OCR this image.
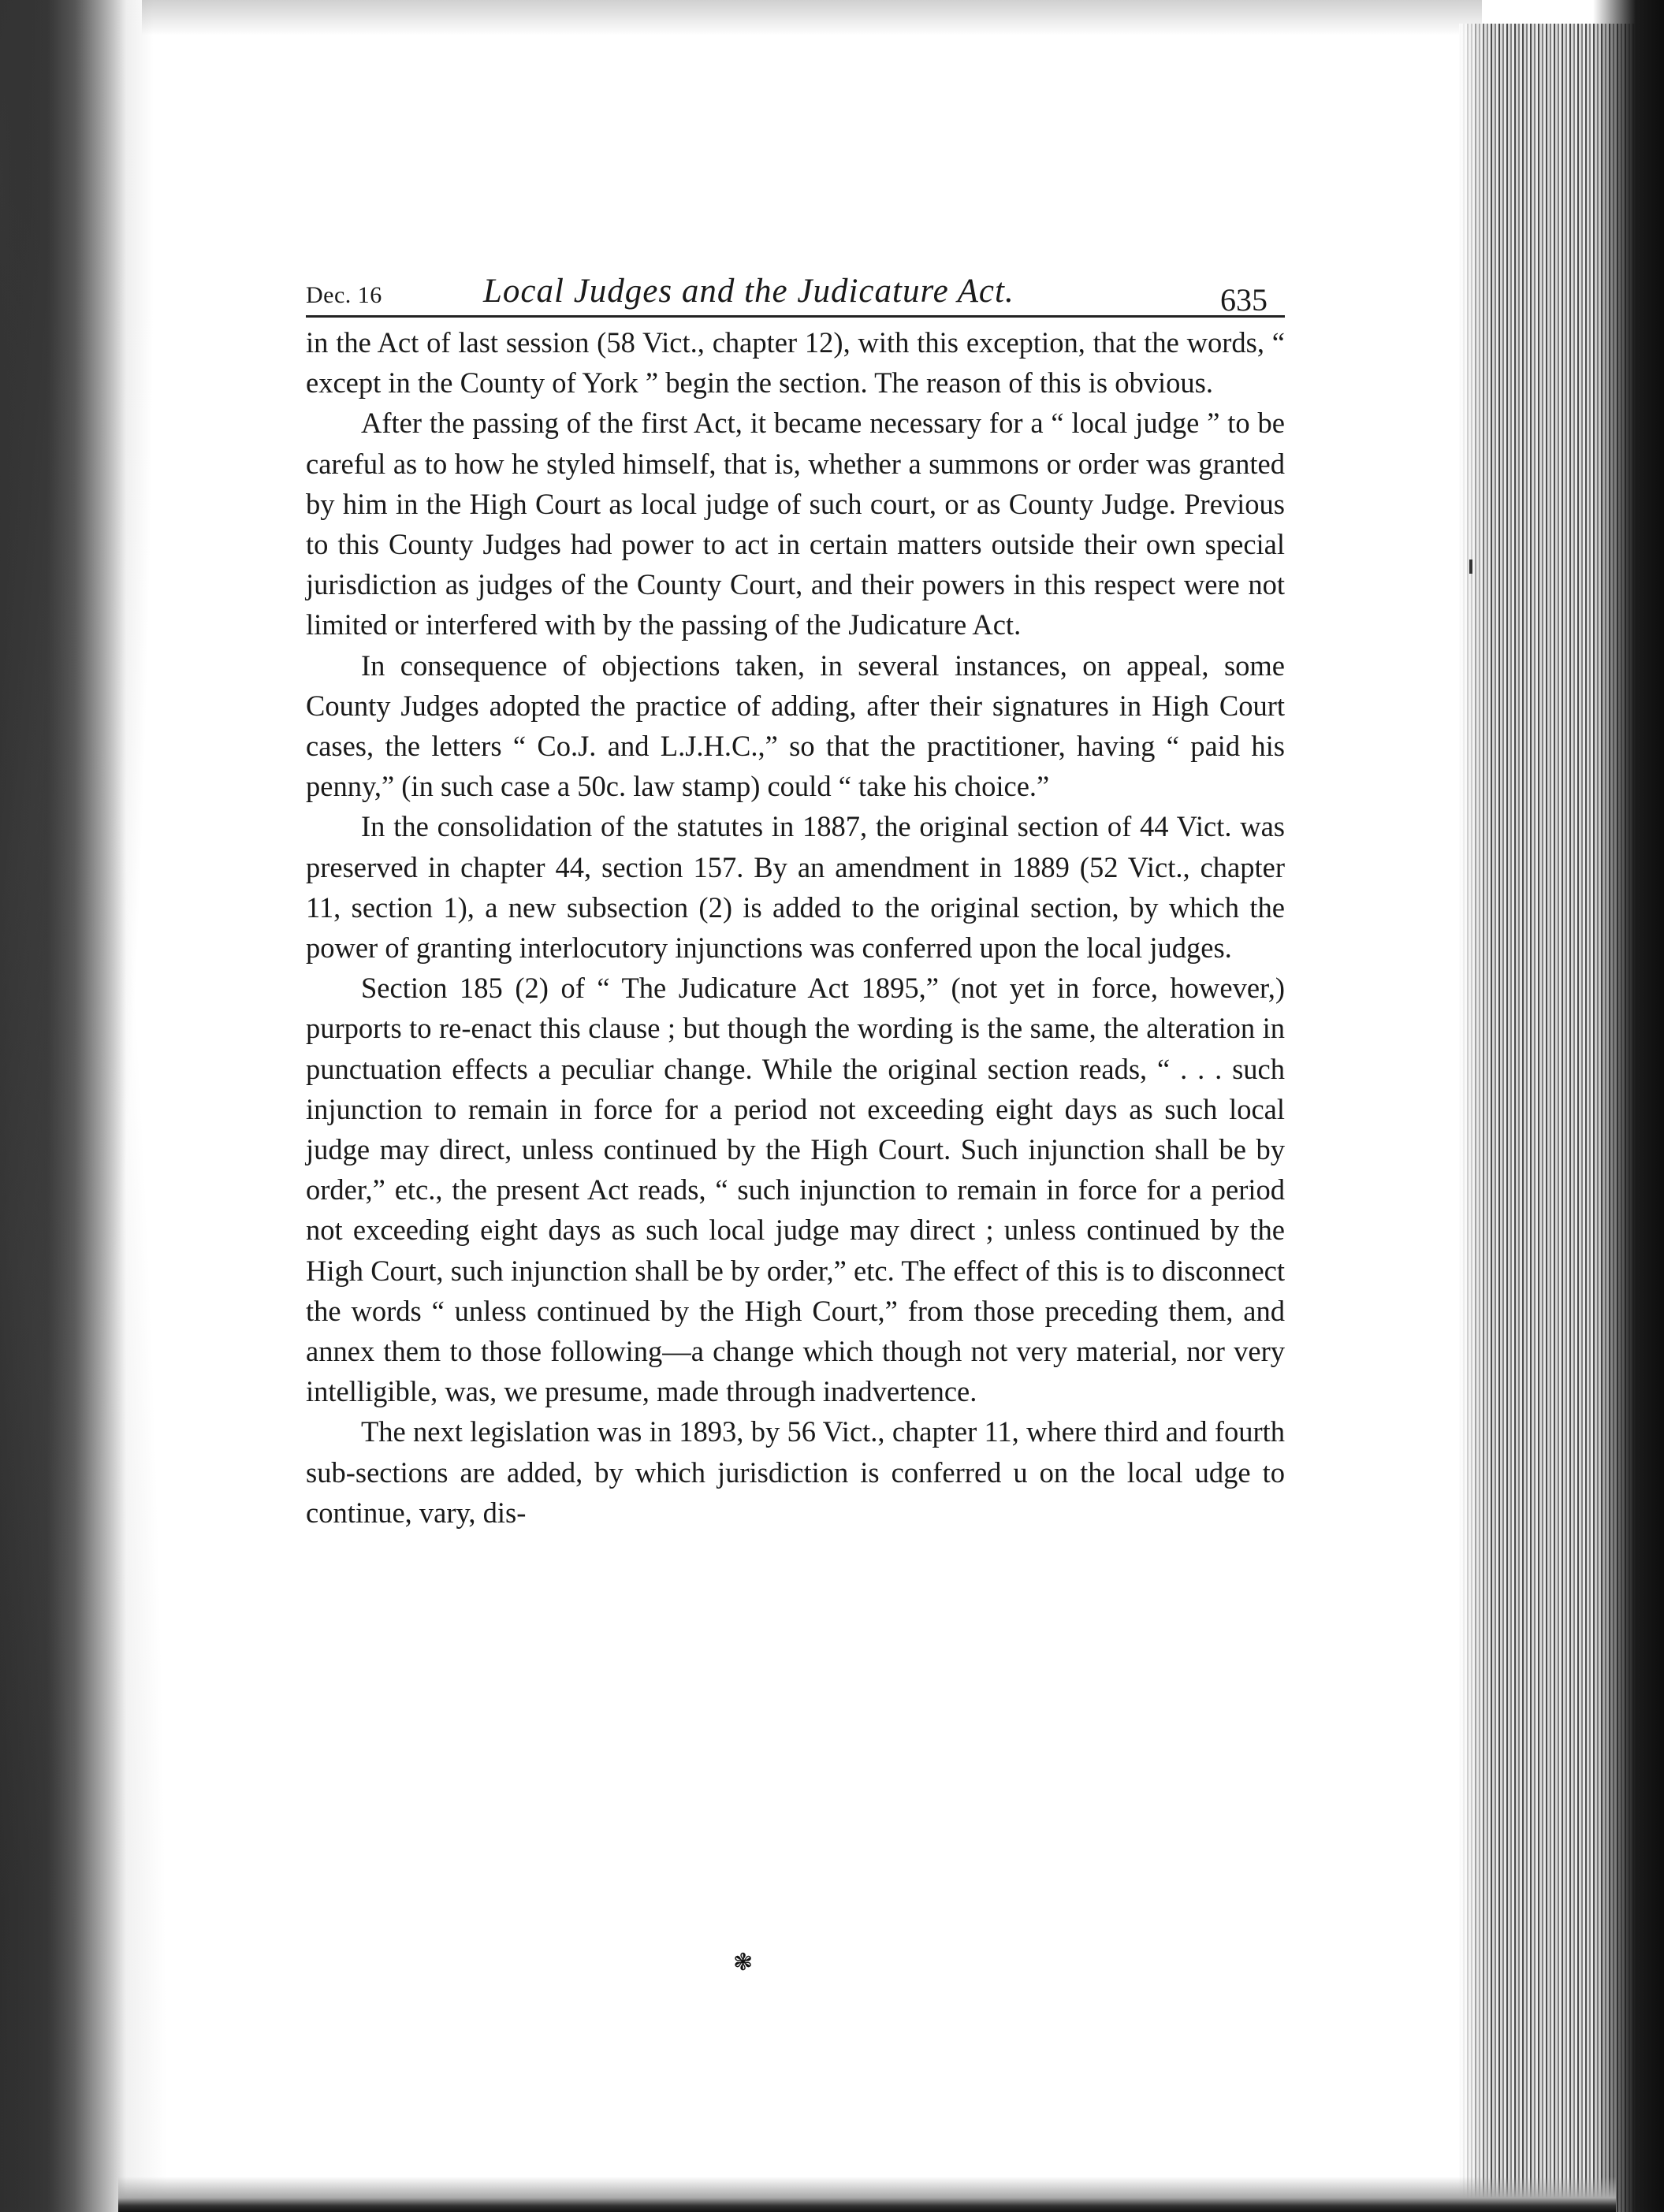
Dec. 16	Local Judges and the Judicature Act.	635

in the Act of last session (58 Vict., chapter 12), with this exception, that the words, “ except in the County of York ” begin the section. The reason of this is obvious.

After the passing of the first Act, it became necessary for a “ local judge ” to be careful as to how he styled himself, that is, whether a summons or order was granted by him in the High Court as local judge of such court, or as County Judge. Previous to this County Judges had power to act in certain matters outside their own special jurisdiction as judges of the County Court, and their powers in this respect were not limited or interfered with by the passing of the Judicature Act.

In consequence of objections taken, in several instances, on appeal, some County Judges adopted the practice of adding, after their signatures in High Court cases, the letters “ Co.J. and L.J.H.C.,” so that the practitioner, having “ paid his penny,” (in such case a 50c. law stamp) could “ take his choice.”

In the consolidation of the statutes in 1887, the original section of 44 Vict. was preserved in chapter 44, section 157. By an amendment in 1889 (52 Vict., chapter 11, section 1), a new subsection (2) is added to the original section, by which the power of granting interlocutory injunctions was conferred upon the local judges.

Section 185 (2) of “ The Judicature Act 1895,” (not yet in force, however,) purports to re-enact this clause ; but though the wording is the same, the alteration in punctuation effects a peculiar change. While the original section reads, “ . . . such injunction to remain in force for a period not exceeding eight days as such local judge may direct, unless continued by the High Court. Such injunction shall be by order,” etc., the present Act reads, “ such injunction to remain in force for a period not exceeding eight days as such local judge may direct ; unless continued by the High Court, such injunction shall be by order,” etc. The effect of this is to disconnect the words “ unless continued by the High Court,” from those preceding them, and annex them to those following—a change which though not very material, nor very intelligible, was, we presume, made through inadvertence.

The next legislation was in 1893, by 56 Vict., chapter 11, where third and fourth sub-sections are added, by which jurisdiction is conferred u on the local udge to continue, vary, dis-

❃
